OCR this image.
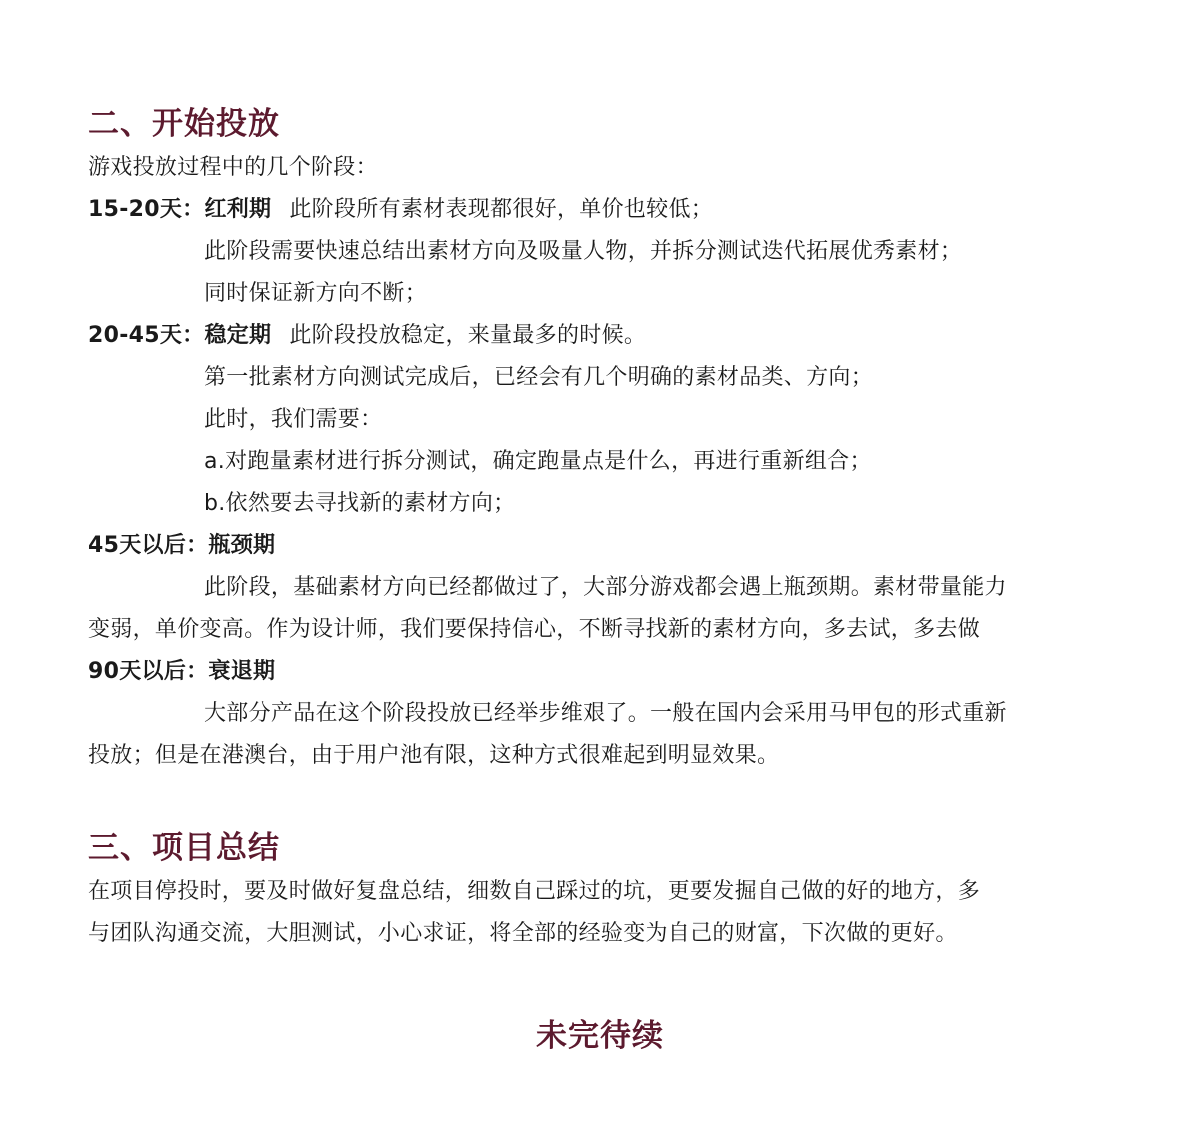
二、开始投放
游戏投放过程中的几个阶段：
15-20天：红利期 此阶段所有素材表现都很好，单价也较低；
此阶段需要快速总结出素材方向及吸量人物，并拆分测试迭代拓展优秀素材；
同时保证新方向不断；
20-45天：稳定期 此阶段投放稳定，来量最多的时候。
第一批素材方向测试完成后，已经会有几个明确的素材品类、方向；
此时，我们需要：
a.对跑量素材进行拆分测试，确定跑量点是什么，再进行重新组合；
b.依然要去寻找新的素材方向；
45天以后：瓶颈期
此阶段，基础素材方向已经都做过了，大部分游戏都会遇上瓶颈期。素材带量能力
变弱，单价变高。作为设计师，我们要保持信心，不断寻找新的素材方向，多去试，多去做
90天以后：衰退期
大部分产品在这个阶段投放已经举步维艰了。一般在国内会采用马甲包的形式重新
投放；但是在港澳台，由于用户池有限，这种方式很难起到明显效果。
三、项目总结
在项目停投时，要及时做好复盘总结，细数自己踩过的坑，更要发掘自己做的好的地方，多
与团队沟通交流，大胆测试，小心求证，将全部的经验变为自己的财富，下次做的更好。
未完待续
